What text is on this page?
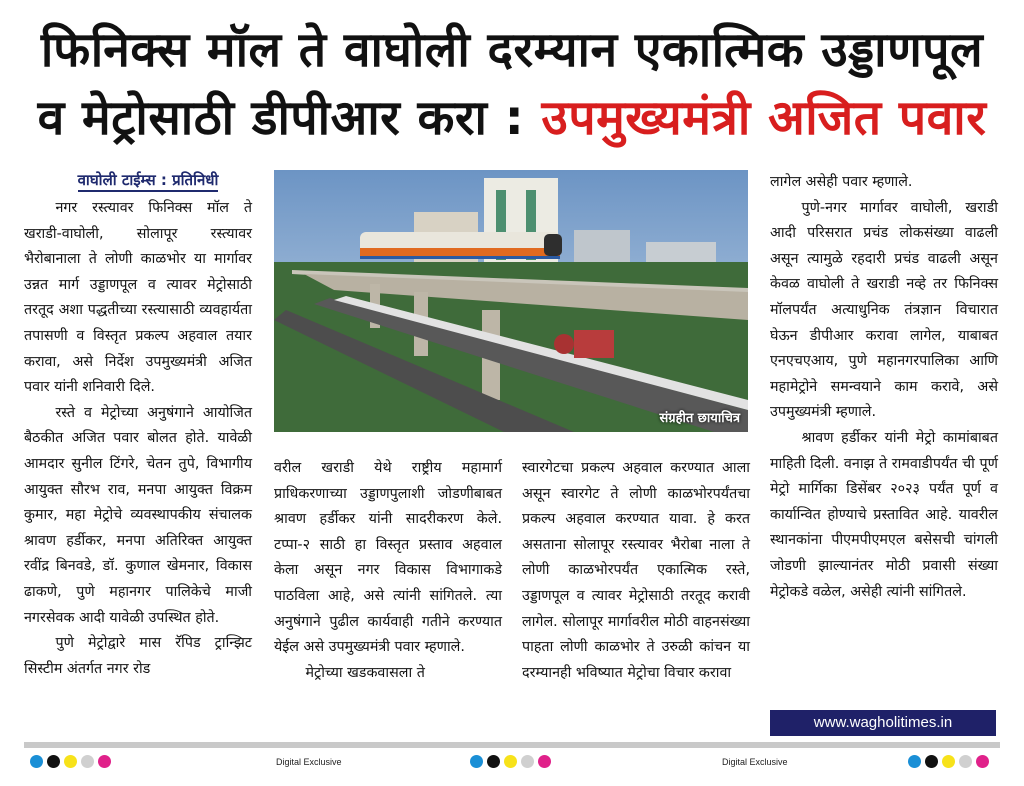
फिनिक्स मॉल ते वाघोली दरम्यान एकात्मिक उड्डाणपूल
व मेट्रोसाठी डीपीआर करा : उपमुख्यमंत्री अजित पवार
वाघोली टाईम्स : प्रतिनिधी

नगर रस्त्यावर फिनिक्स मॉल ते खराडी-वाघोली, सोलापूर रस्त्यावर भैरोबानाला ते लोणी काळभोर या मार्गावर उन्नत मार्ग उड्डाणपूल व त्यावर मेट्रोसाठी तरतूद अशा पद्धतीच्या रस्त्यासाठी व्यवहार्यता तपासणी व विस्तृत प्रकल्प अहवाल तयार करावा, असे निर्देश उपमुख्यमंत्री अजित पवार यांनी शनिवारी दिले.

रस्ते व मेट्रोच्या अनुषंगाने आयोजित बैठकीत अजित पवार बोलत होते. यावेळी आमदार सुनील टिंगरे, चेतन तुपे, विभागीय आयुक्त सौरभ राव, मनपा आयुक्त विक्रम कुमार, महा मेट्रोचे व्यवस्थापकीय संचालक श्रावण हर्डीकर, मनपा अतिरिक्त आयुक्त रवींद्र बिनवडे, डॉ. कुणाल खेमनार, विकास ढाकणे, पुणे महानगर पालिकेचे माजी नगरसेवक आदी यावेळी उपस्थित होते.

पुणे मेट्रोद्वारे मास रॅपिड ट्रान्झिट सिस्टीम अंतर्गत नगर रोड

संग्रहीत छायाचित्र

वरील खराडी येथे राष्ट्रीय महामार्ग प्राधिकरणाच्या उड्डाणपुलाशी जोडणीबाबत श्रावण हर्डीकर यांनी सादरीकरण केले. टप्पा-२ साठी हा विस्तृत प्रस्ताव अहवाल केला असून नगर विकास विभागाकडे पाठविला आहे, असे त्यांनी सांगितले. त्या अनुषंगाने पुढील कार्यवाही गतीने करण्यात येईल असे उपमुख्यमंत्री पवार म्हणाले.

मेट्रोच्या खडकवासला ते

स्वारगेटचा प्रकल्प अहवाल करण्यात आला असून स्वारगेट ते लोणी काळभोरपर्यंतचा प्रकल्प अहवाल करण्यात यावा. हे करत असताना सोलापूर रस्त्यावर भैरोबा नाला ते लोणी काळभोरपर्यंत एकात्मिक रस्ते, उड्डाणपूल व त्यावर मेट्रोसाठी तरतूद करावी लागेल. सोलापूर मार्गावरील मोठी वाहनसंख्या पाहता लोणी काळभोर ते उरुळी कांचन या दरम्यानही भविष्यात मेट्रोचा विचार करावा

लागेल असेही पवार म्हणाले.

पुणे-नगर मार्गावर वाघोली, खराडी आदी परिसरात प्रचंड लोकसंख्या वाढली असून त्यामुळे रहदारी प्रचंड वाढली असून केवळ वाघोली ते खराडी नव्हे तर फिनिक्स मॉलपर्यंत अत्याधुनिक तंत्रज्ञान विचारात घेऊन डीपीआर करावा लागेल, याबाबत एनएचएआय, पुणे महानगरपालिका आणि महामेट्रोने समन्वयाने काम करावे, असे उपमुख्यमंत्री म्हणाले.

श्रावण हर्डीकर यांनी मेट्रो कामांबाबत माहिती दिली. वनाझ ते रामवाडीपर्यंत ची पूर्ण मेट्रो मार्गिका डिसेंबर २०२३ पर्यंत पूर्ण व कार्यान्वित होण्याचे प्रस्तावित आहे. यावरील स्थानकांना पीएमपीएमएल बसेसची चांगली जोडणी झाल्यानंतर मोठी प्रवासी संख्या मेट्रोकडे वळेल, असेही त्यांनी सांगितले.

www.wagholitimes.in
Digital Exclusive	Digital Exclusive
